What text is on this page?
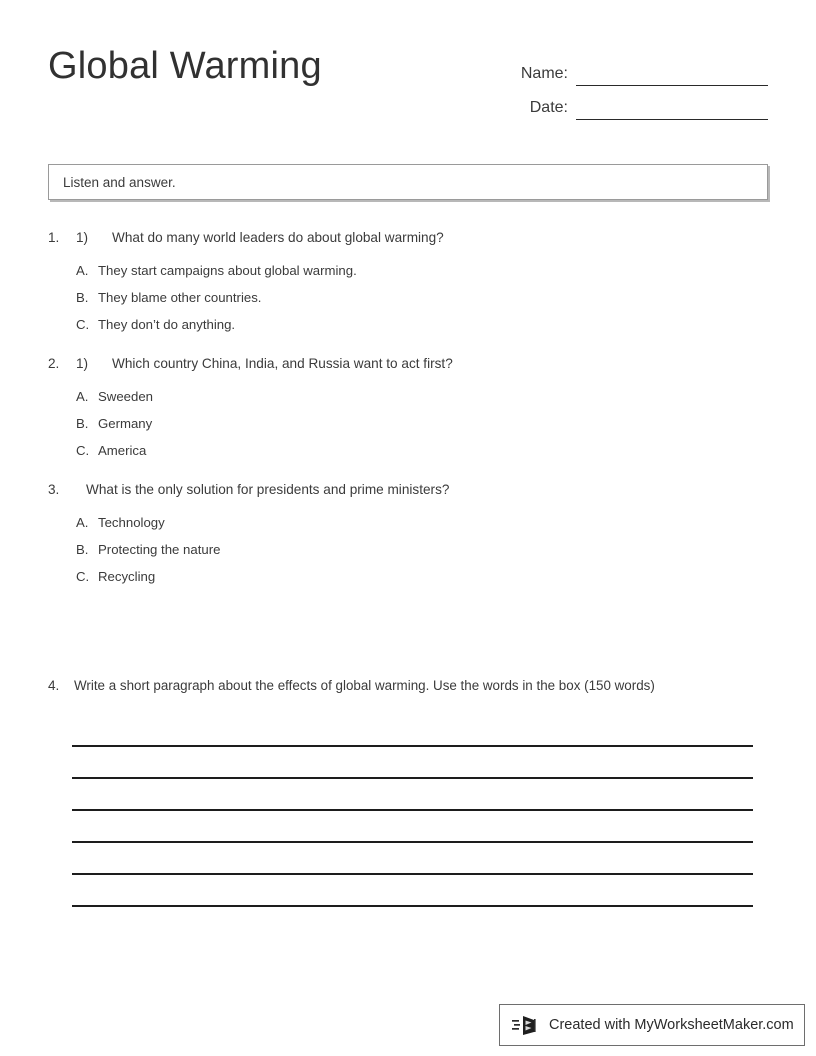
Global Warming	Name:
Date:
Listen and answer.
1.	1)	What do many world leaders do about global warming?
A. They start campaigns about global warming.
B. They blame other countries.
C. They don’t do anything.
2.	1)	Which country China, India, and Russia want to act first?
A. Sweeden
B. Germany
C. America
3.	What is the only solution for presidents and prime ministers?
A. Technology
B. Protecting the nature
C. Recycling
4.	Write a short paragraph about the effects of global warming. Use the words in the box (150 words)
Created with MyWorksheetMaker.com
